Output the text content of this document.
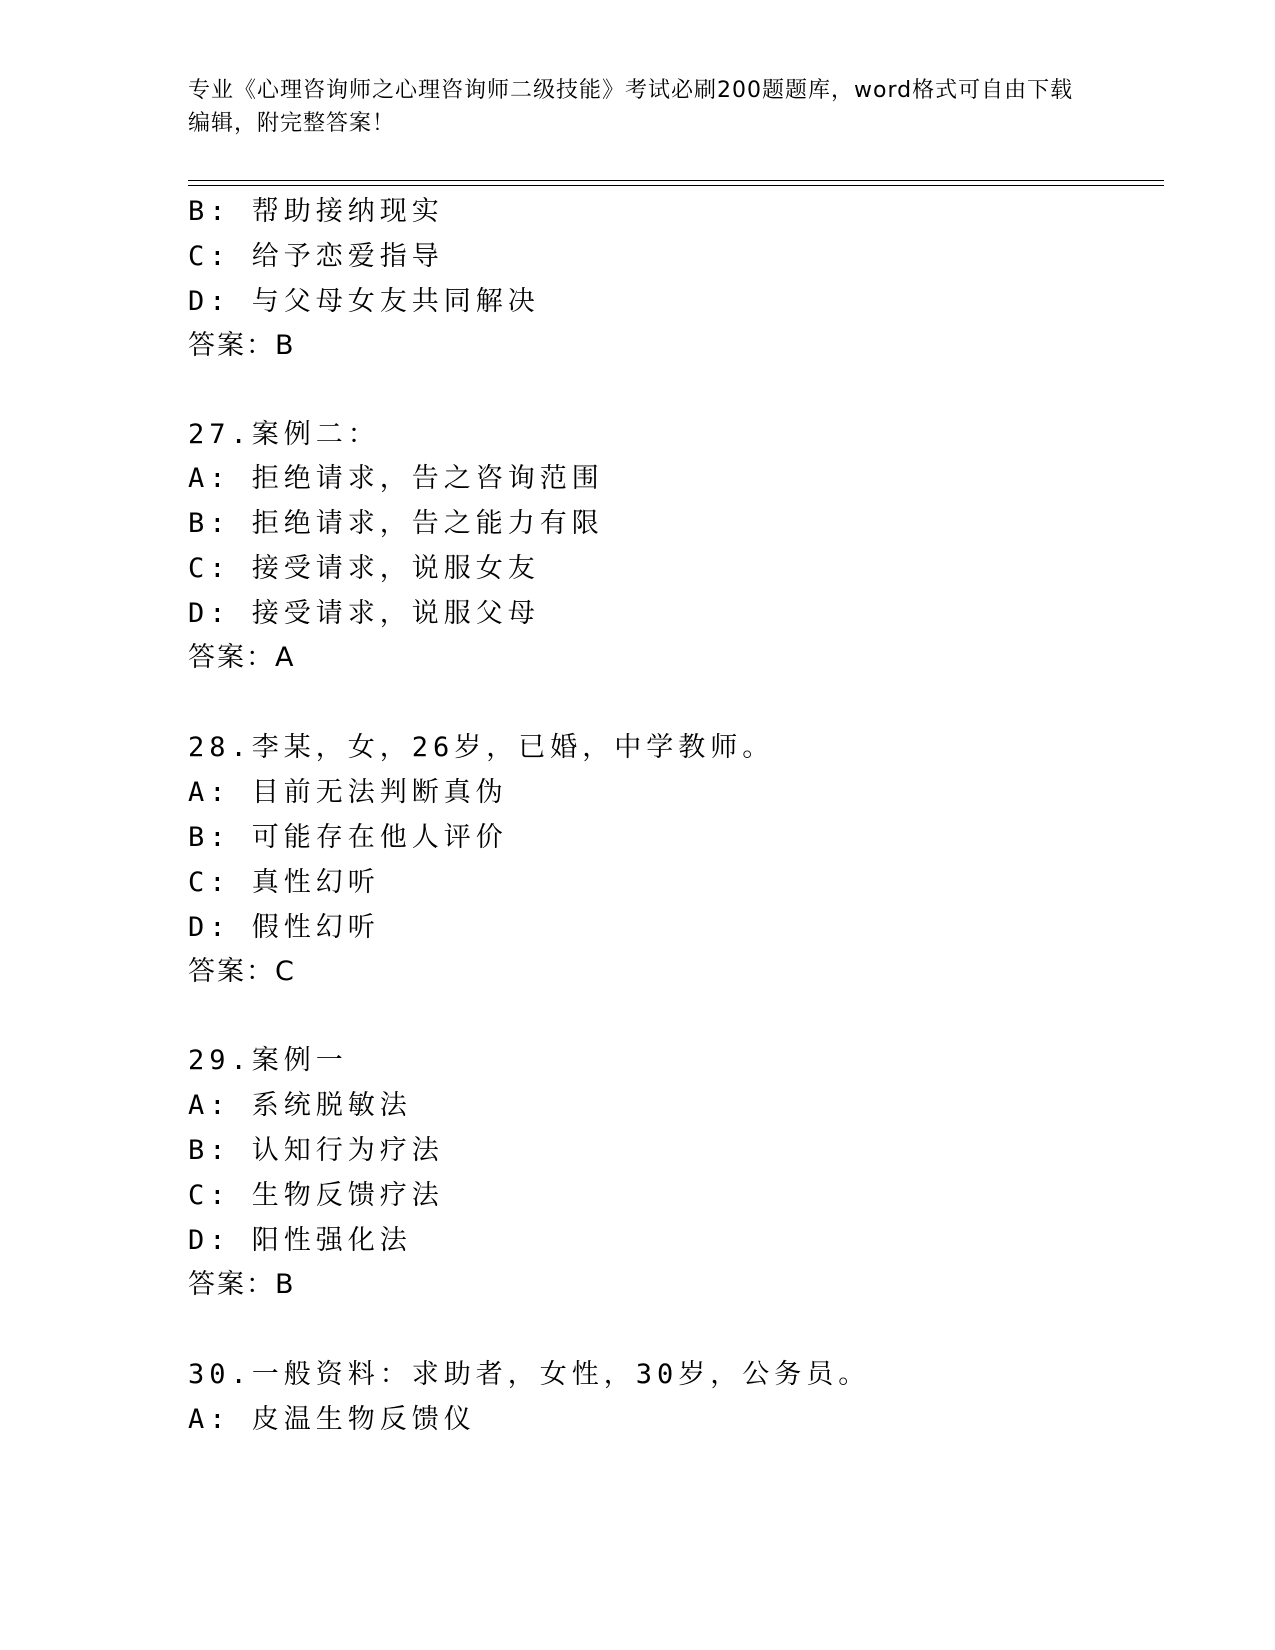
专业《心理咨询师之心理咨询师二级技能》考试必刷200题题库，word格式可自由下载编辑，附完整答案！
B: 帮助接纳现实
C: 给予恋爱指导
D: 与父母女友共同解决
答案：B
27.案例二：
A: 拒绝请求，告之咨询范围
B: 拒绝请求，告之能力有限
C: 接受请求，说服女友
D: 接受请求，说服父母
答案：A
28.李某，女，26岁，已婚，中学教师。
A: 目前无法判断真伪
B: 可能存在他人评价
C: 真性幻听
D: 假性幻听
答案：C
29.案例一
A: 系统脱敏法
B: 认知行为疗法
C: 生物反馈疗法
D: 阳性强化法
答案：B
30.一般资料：求助者，女性，30岁，公务员。
A: 皮温生物反馈仪
